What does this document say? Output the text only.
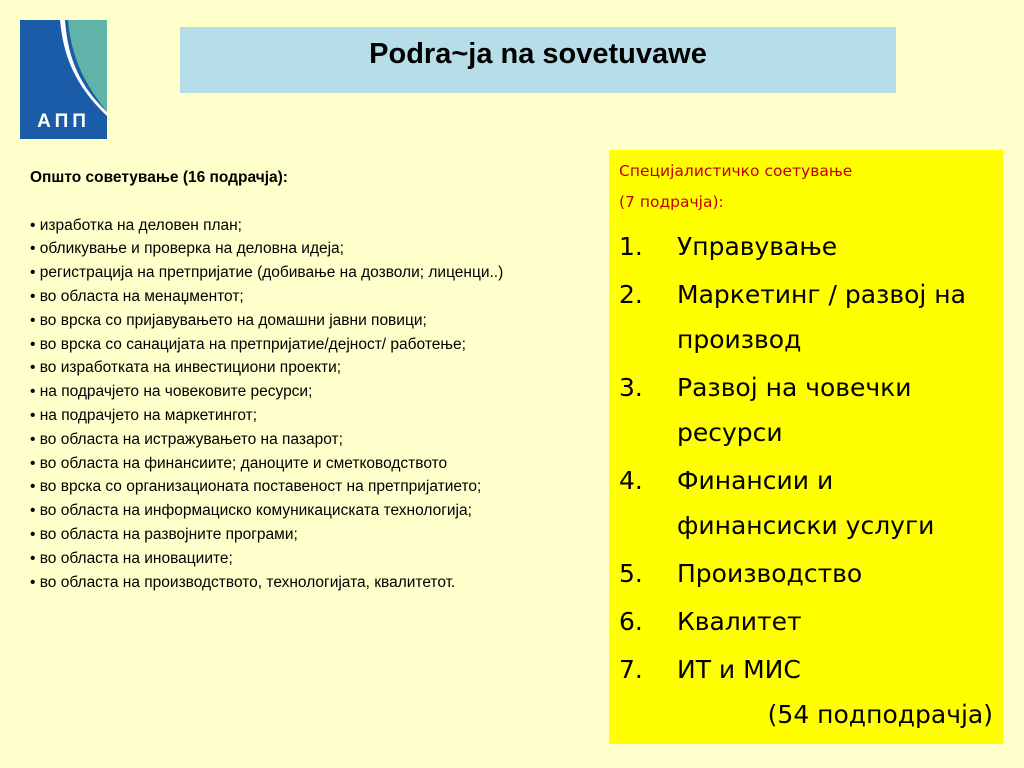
АПП
Podra~ja na sovetuvawe
Општо советување (16 подрачја):
• изработка на деловен план;
• обликување и проверка на деловна идеја;
• регистрација на претпријатие (добивање на дозволи; лиценци..)
• во областа на менаџментот;
• во врска со пријавувањето на домашни јавни повици;
• во врска со санацијата на претпријатие/дејност/ работење;
• во изработката на инвестициони проекти;
• на подрачјето на човековите ресурси;
• на подрачјето на маркетингот;
• во областа на истражувањето на пазарот;
• во областа на финансиите; даноците и сметководството
• во врска со организационата поставеност на претпријатието;
• во областа на информациско комуникациската технологија;
• во областа на развојните програми;
• во областа на иновациите;
• во областа на производството, технологијата, квалитетот.
Специјалистичко соетување
(7 подрачја):
1.	Управување
2.	Маркетинг / развој на производ
3.	Развој на човечки ресурси
4.	Финансии и финансиски услуги
5.	Производство
6.	Квалитет
7.	ИТ и МИС
(54 подподрачја)
